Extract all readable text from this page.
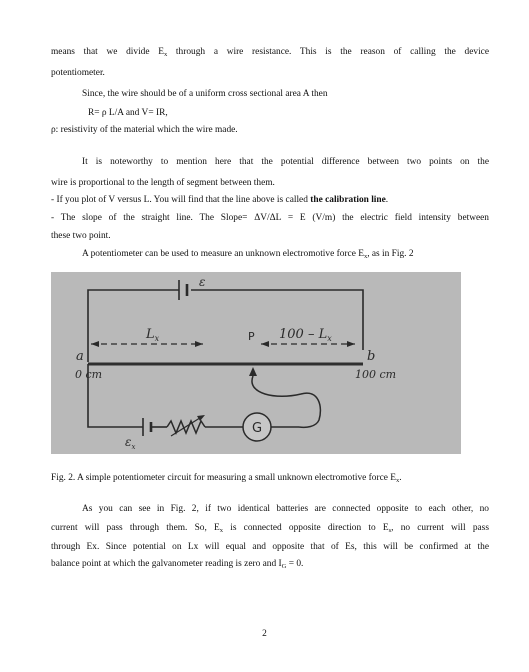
means that we divide $E_x$ through a wire resistance. This is the reason of calling the device
potentiometer.
Since, the wire should be of a uniform cross sectional area A then
R= ρ L/A and V= IR,
ρ: resistivity of the material which the wire made.
It is noteworthy to mention here that the potential difference between two points on the
wire is proportional to the length of segment between them.
- If you plot of V versus L. You will find that the line above is called the calibration line.
- The slope of the straight line. The Slope= ΔV/ΔL = E (V/m) the electric field intensity between
these two point.
A potentiometer can be used to measure an unknown electromotive force $E_x$, as in Fig. 2
ε
$L_x$	P $100 - L_x$
a	b
0 cm	100 cm
G
$\varepsilon_x$
Fig. 2. A simple potentiometer circuit for measuring a small unknown electromotive force $E_x$.
As you can see in Fig. 2, if two identical batteries are connected opposite to each other, no
current will pass through them. So, $E_x$ is connected opposite direction to $E_s$, no current will pass
through Ex. Since potential on Lx will equal and opposite that of Es, this will be confirmed at the
balance point at which the galvanometer reading is zero and $I_G = 0$.
2
